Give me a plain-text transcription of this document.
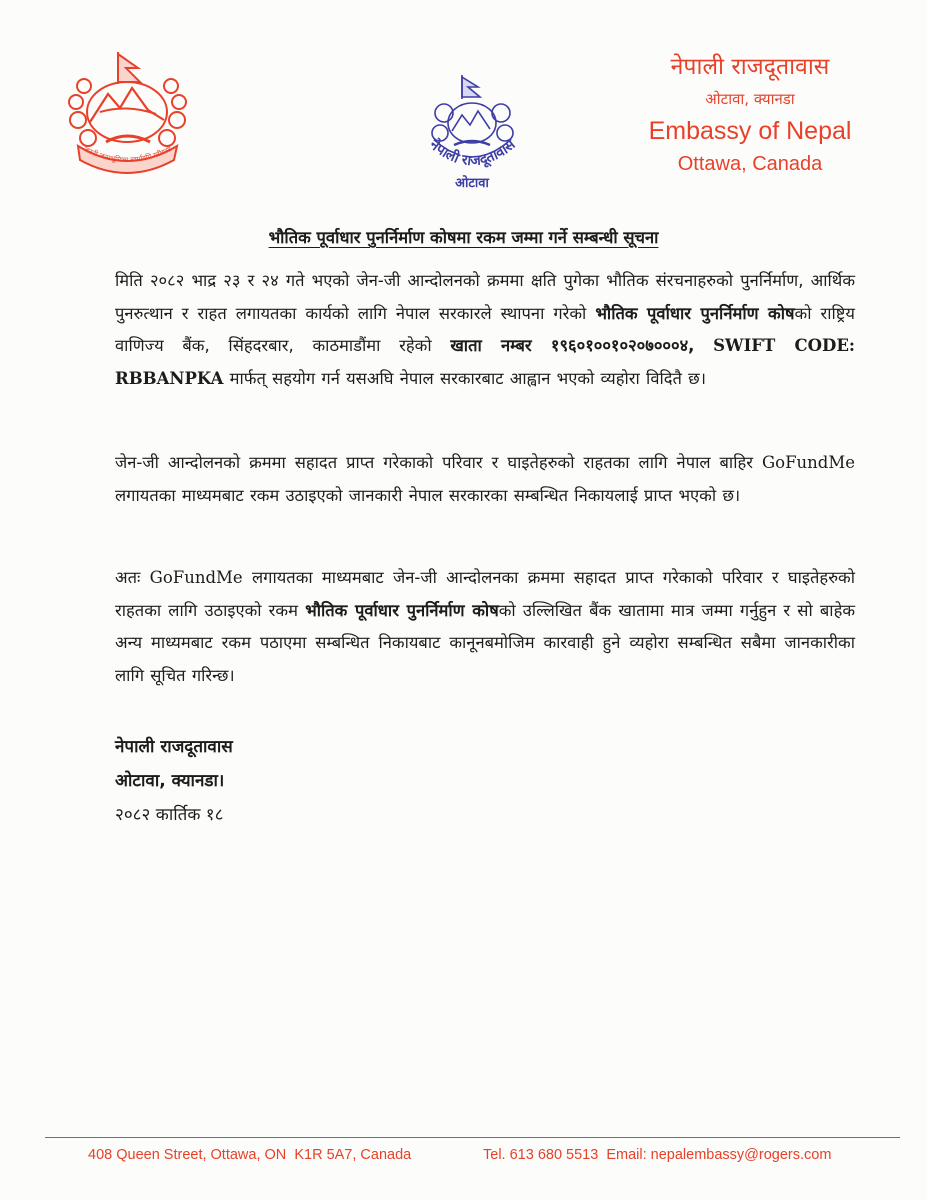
जननी जन्मभूमिश्च स्वर्गादपि गरीयसी	नेपाली राजदूतावास
ओटावा
नेपाली राजदूतावास
ओटावा, क्यानडा
Embassy of Nepal
Ottawa, Canada
भौतिक पूर्वाधार पुनर्निर्माण कोषमा रकम जम्मा गर्ने सम्बन्धी सूचना

मिति २०८२ भाद्र २३ र २४ गते भएको जेन-जी आन्दोलनको क्रममा क्षति पुगेका भौतिक संरचनाहरुको पुनर्निर्माण, आर्थिक पुनरुत्थान र राहत लगायतका कार्यको लागि नेपाल सरकारले स्थापना गरेको भौतिक पूर्वाधार पुनर्निर्माण कोषको राष्ट्रिय वाणिज्य बैंक, सिंहदरबार, काठमाडौंमा रहेको खाता नम्बर १९६०१००१०२०७०००४, SWIFT CODE: RBBANPKA मार्फत् सहयोग गर्न यसअघि नेपाल सरकारबाट आह्वान भएको व्यहोरा विदितै छ।

जेन-जी आन्दोलनको क्रममा सहादत प्राप्त गरेकाको परिवार र घाइतेहरुको राहतका लागि नेपाल बाहिर GoFundMe लगायतका माध्यमबाट रकम उठाइएको जानकारी नेपाल सरकारका सम्बन्धित निकायलाई प्राप्त भएको छ।

अतः GoFundMe लगायतका माध्यमबाट जेन-जी आन्दोलनका क्रममा सहादत प्राप्त गरेकाको परिवार र घाइतेहरुको राहतका लागि उठाइएको रकम भौतिक पूर्वाधार पुनर्निर्माण कोषको उल्लिखित बैंक खातामा मात्र जम्मा गर्नुहुन र सो बाहेक अन्य माध्यमबाट रकम पठाएमा सम्बन्धित निकायबाट कानूनबमोजिम कारवाही हुने व्यहोरा सम्बन्धित सबैमा जानकारीका लागि सूचित गरिन्छ।

नेपाली राजदूतावास
ओटावा, क्यानडा।
२०८२ कार्तिक १८
408 Queen Street, Ottawa, ON  K1R 5A7, Canada	Tel. 613 680 5513  Email: nepalembassy@rogers.com
